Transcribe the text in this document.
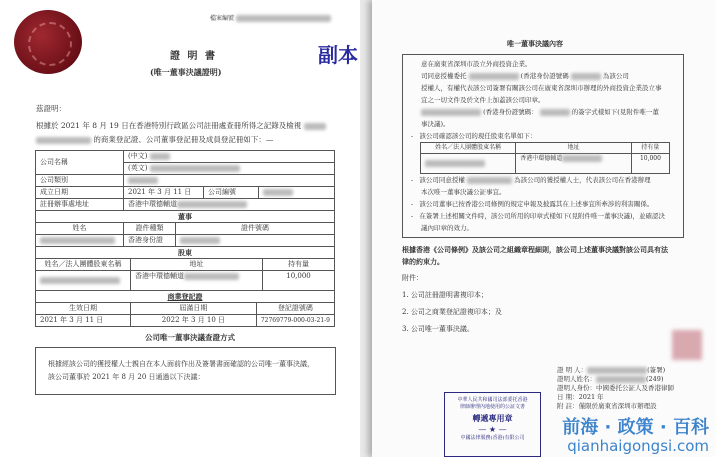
檔案編號
證 明 書
(唯一董事決議證明)
副本
茲證明：
根據於 2021 年 8 月 19 日在香港特別行政區公司註冊處查冊所得之記錄及檢視
的商業登記證、公司董事登記冊及成員登記冊如下：—
公司名稱	(中文)		
	(英文)		
公司類別			
成立日期	2021 年 3 月 11 日	公司編號	
註冊辦事處地址	香港中環德輔道		
董事		
姓名	證件種類	證件號碼
	香港身份證	
股東		
姓名／法人團體股東名稱	地址	持有量
	香港中環德輔道	10,000
商業登記證		
生效日期	屆滿日期	登記證號碼
2021 年 3 月 11 日	2022 年 3 月 10 日	72769779-000-03-21-9
公司唯一董事決議查證方式
根據經該公司的獲授權人士親自在本人面前作出及簽署書面確認的公司唯一董事決議，
該公司董事於 2021 年 8 月 20 日通過以下決議：
唯一董事決議內容
意在廣東省深圳市設立外商投資企業。
司同意授權委托	(香港身份證號碼	為該公司
授權人，有權代表該公司簽署有關該公司在廣東省深圳市辦理的外商投資企業設立事
宜之一切文件及於文件上加蓋該公司印章。
(香港身份證號碼：	的簽字式樣如下(見附件唯一董
事決議)。
-   該公司確認該公司的現任股東名單如下：
姓名／法人團體股東名稱	地址	持有量
	香港中環德輔道	10,000
-   該公司同意授權	為該公司的獲授權人士，代表該公司在香港辦理
本次唯一董事決議公証事宜。
-   該公司董事已按香港公司條例的規定申報及披露其在上述事宜所牽涉的利害關係。
-   在簽署上述相關文件時，該公司所用的印章式樣如下(見附件唯一董事決議)，並確認決
議內印章的效力。
根據香港《公司條例》及該公司之組織章程細則，該公司上述董事決議對該公司具有法
律的約束力。
附件：
1. 公司註冊證明書複印本；
2. 公司之商業登記證複印本；及
3. 公司唯一董事決議。
中華人民共和國司法部委托香港
律師辦理內地使用的公証文書
轉遞專用章
— ★ —
中國法律服務(香港)有限公司
證 明 人：	(簽署)
證明人姓名：	(249)
證明人身份：中國委托公証人及香港律師
日 期：2021 年
附 註：僅限於廣東省深圳市辦理設
前海 · 政策 · 百科
qianhaigongsi.com
